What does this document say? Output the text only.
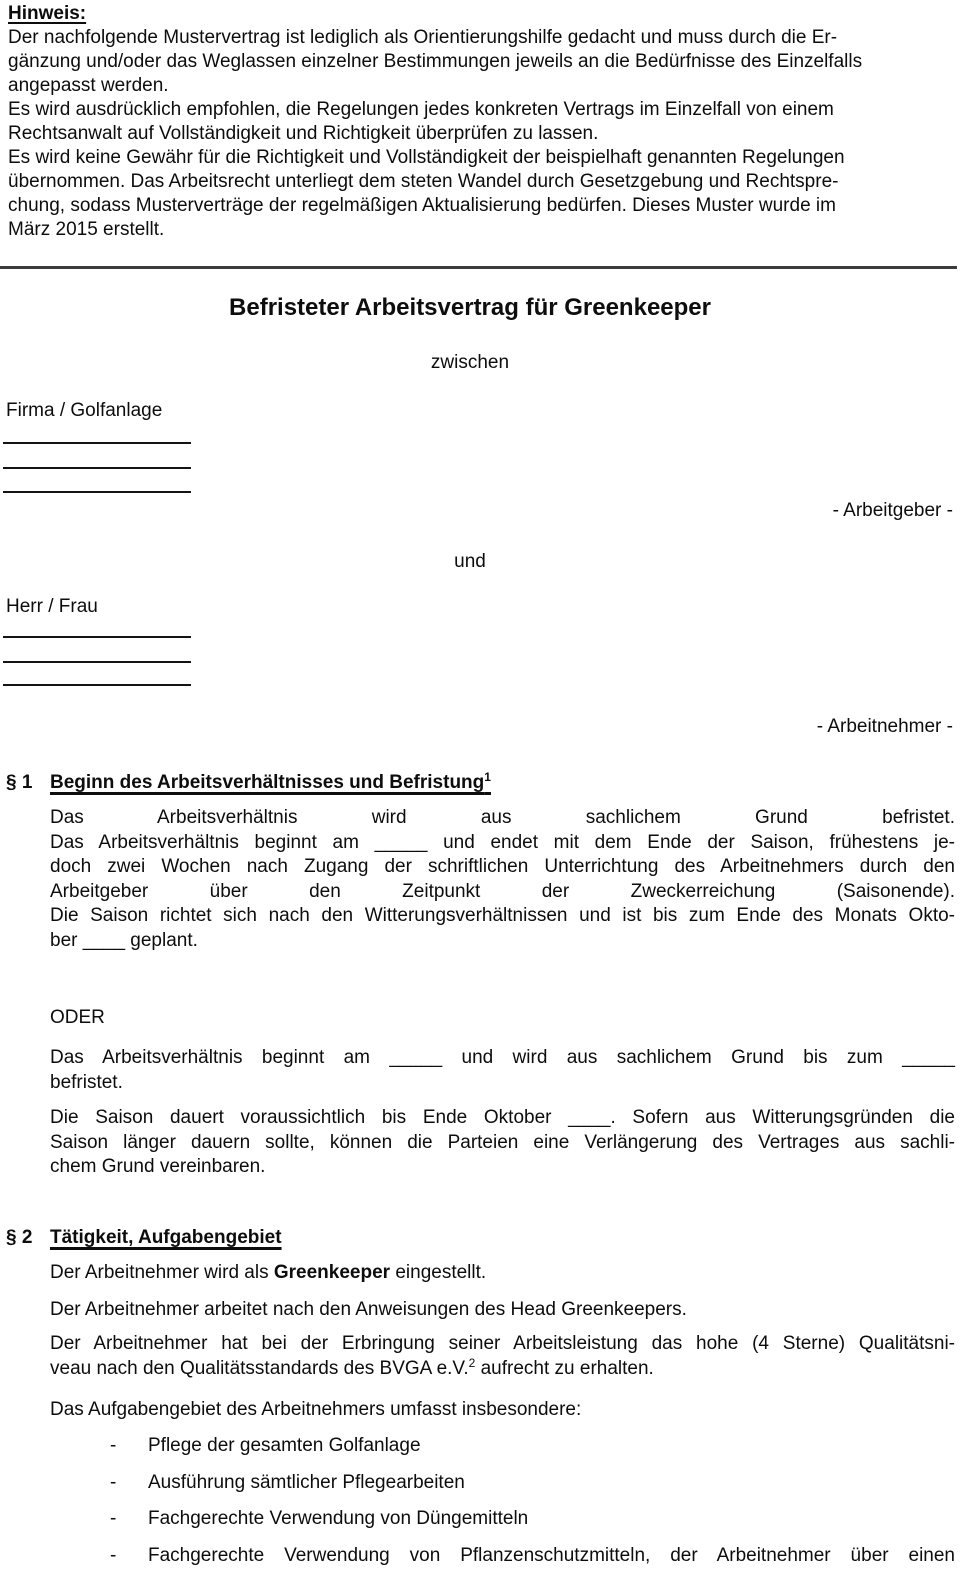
Hinweis:
Der nachfolgende Mustervertrag ist lediglich als Orientierungshilfe gedacht und muss durch die Er-
gänzung und/oder das Weglassen einzelner Bestimmungen jeweils an die Bedürfnisse des Einzelfalls
angepasst werden.
Es wird ausdrücklich empfohlen, die Regelungen jedes konkreten Vertrags im Einzelfall von einem
Rechtsanwalt auf Vollständigkeit und Richtigkeit überprüfen zu lassen.
Es wird keine Gewähr für die Richtigkeit und Vollständigkeit der beispielhaft genannten Regelungen
übernommen. Das Arbeitsrecht unterliegt dem steten Wandel durch Gesetzgebung und Rechtspre-
chung, sodass Musterverträge der regelmäßigen Aktualisierung bedürfen. Dieses Muster wurde im
März 2015 erstellt.
Befristeter Arbeitsvertrag für Greenkeeper
zwischen
Firma / Golfanlage
- Arbeitgeber -
und
Herr / Frau
- Arbeitnehmer -
§ 1 Beginn des Arbeitsverhältnisses und Befristung$^1$
Das Arbeitsverhältnis wird aus sachlichem Grund befristet.
Das Arbeitsverhältnis beginnt am _____ und endet mit dem Ende der Saison, frühestens je-
doch zwei Wochen nach Zugang der schriftlichen Unterrichtung des Arbeitnehmers durch den
Arbeitgeber über den Zeitpunkt der Zweckerreichung (Saisonende).
Die Saison richtet sich nach den Witterungsverhältnissen und ist bis zum Ende des Monats Okto-
ber ____ geplant.
ODER
Das Arbeitsverhältnis beginnt am _____ und wird aus sachlichem Grund bis zum _____
befristet.
Die Saison dauert voraussichtlich bis Ende Oktober ____. Sofern aus Witterungsgründen die
Saison länger dauern sollte, können die Parteien eine Verlängerung des Vertrages aus sachli-
chem Grund vereinbaren.
§ 2 Tätigkeit, Aufgabengebiet
Der Arbeitnehmer wird als Greenkeeper eingestellt.
Der Arbeitnehmer arbeitet nach den Anweisungen des Head Greenkeepers.
Der Arbeitnehmer hat bei der Erbringung seiner Arbeitsleistung das hohe (4 Sterne) Qualitätsni-
veau nach den Qualitätsstandards des BVGA e.V.$^2$ aufrecht zu erhalten.
Das Aufgabengebiet des Arbeitnehmers umfasst insbesondere:
- Pflege der gesamten Golfanlage
- Ausführung sämtlicher Pflegearbeiten
- Fachgerechte Verwendung von Düngemitteln
- Fachgerechte Verwendung von Pflanzenschutzmitteln, der Arbeitnehmer über einen
